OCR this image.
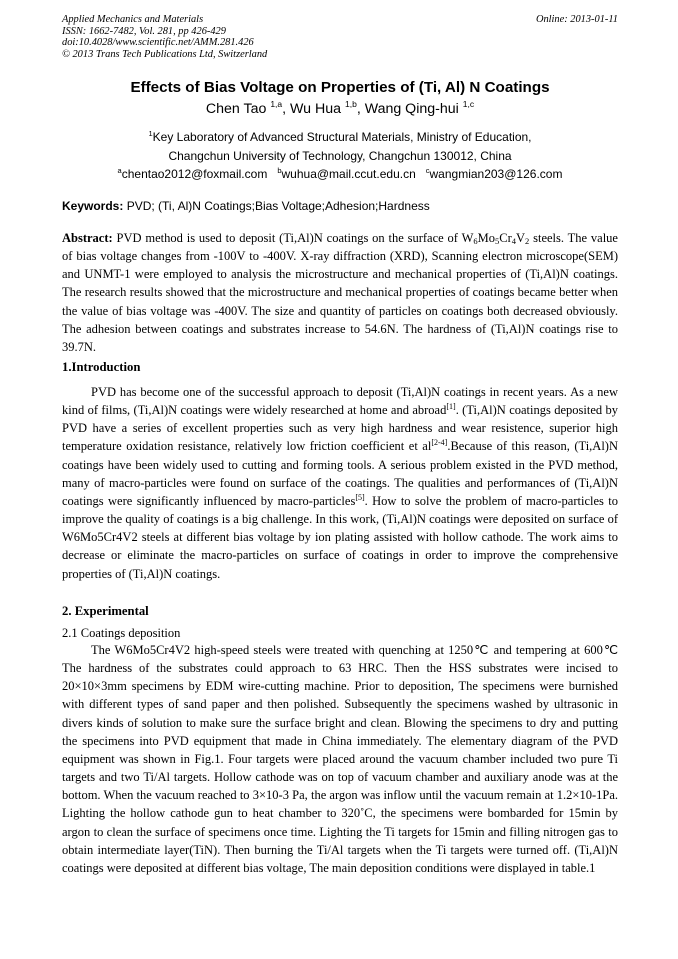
Applied Mechanics and Materials
ISSN: 1662-7482, Vol. 281, pp 426-429
doi:10.4028/www.scientific.net/AMM.281.426
© 2013 Trans Tech Publications Ltd, Switzerland
Online: 2013-01-11
Effects of Bias Voltage on Properties of (Ti, Al) N Coatings
Chen Tao $^{1,a}$, Wu Hua $^{1,b}$, Wang Qing-hui $^{1,c}$
$^1$Key Laboratory of Advanced Structural Materials, Ministry of Education,
Changchun University of Technology, Changchun 130012, China
$^a$chentao2012@foxmail.com $^b$wuhua@mail.ccut.edu.cn $^c$wangmian203@126.com
Keywords: PVD; (Ti, Al)N Coatings;Bias Voltage;Adhesion;Hardness
Abstract: PVD method is used to deposit (Ti,Al)N coatings on the surface of $W_6Mo_5Cr_4V_2$ steels. The value of bias voltage changes from -100V to -400V. X-ray diffraction (XRD), Scanning electron microscope(SEM) and UNMT-1 were employed to analysis the microstructure and mechanical properties of (Ti,Al)N coatings. The research results showed that the microstructure and mechanical properties of coatings became better when the value of bias voltage was -400V. The size and quantity of particles on coatings both decreased obviously. The adhesion between coatings and substrates increase to 54.6N. The hardness of (Ti,Al)N coatings rise to 39.7N.
1.Introduction
PVD has become one of the successful approach to deposit (Ti,Al)N coatings in recent years. As a new kind of films, (Ti,Al)N coatings were widely researched at home and abroad[1]. (Ti,Al)N coatings deposited by PVD have a series of excellent properties such as very high hardness and wear resistence, superior high temperature oxidation resistance, relatively low friction coefficient et al[2-4].Because of this reason, (Ti,Al)N coatings have been widely used to cutting and forming tools. A serious problem existed in the PVD method, many of macro-particles were found on surface of the coatings. The qualities and performances of (Ti,Al)N coatings were significantly influenced by macro-particles[5]. How to solve the problem of macro-particles to improve the quality of coatings is a big challenge. In this work, (Ti,Al)N coatings were deposited on surface of W6Mo5Cr4V2 steels at different bias voltage by ion plating assisted with hollow cathode. The work aims to decrease or eliminate the macro-particles on surface of coatings in order to improve the comprehensive properties of (Ti,Al)N coatings.
2. Experimental
2.1 Coatings deposition
The W6Mo5Cr4V2 high-speed steels were treated with quenching at 1250℃ and tempering at 600℃ The hardness of the substrates could approach to 63 HRC. Then the HSS substrates were incised to 20×10×3mm specimens by EDM wire-cutting machine. Prior to deposition, The specimens were burnished with different types of sand paper and then polished. Subsequently the specimens washed by ultrasonic in divers kinds of solution to make sure the surface bright and clean. Blowing the specimens to dry and putting the specimens into PVD equipment that made in China immediately. The elementary diagram of the PVD equipment was shown in Fig.1. Four targets were placed around the vacuum chamber included two pure Ti targets and two Ti/Al targets. Hollow cathode was on top of vacuum chamber and auxiliary anode was at the bottom. When the vacuum reached to 3×10-3 Pa, the argon was inflow until the vacuum remain at 1.2×10-1Pa. Lighting the hollow cathode gun to heat chamber to 320˚C, the specimens were bombarded for 15min by argon to clean the surface of specimens once time. Lighting the Ti targets for 15min and filling nitrogen gas to obtain intermediate layer(TiN). Then burning the Ti/Al targets when the Ti targets were turned off. (Ti,Al)N coatings were deposited at different bias voltage, The main deposition conditions were displayed in table.1
